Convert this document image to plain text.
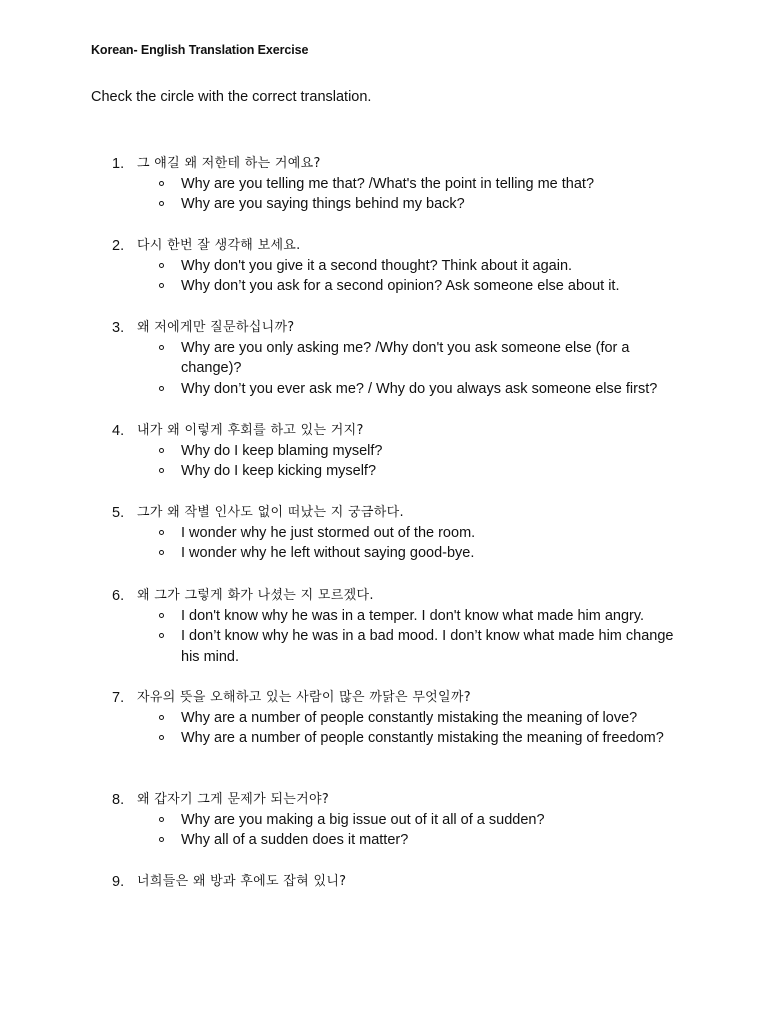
Korean- English Translation Exercise
Check the circle with the correct translation.
1. 그 얘길 왜 저한테 하는 거예요?
Why are you telling me that? /What's the point in telling me that?
Why are you saying things behind my back?
2. 다시 한번 잘 생각해 보세요.
Why don't you give it a second thought? Think about it again.
Why don’t you ask for a second opinion? Ask someone else about it.
3. 왜 저에게만 질문하십니까?
Why are you only asking me? /Why don't you ask someone else (for a change)?
Why don’t you ever ask me? / Why do you always ask someone else first?
4. 내가 왜 이렇게 후회를 하고 있는 거지?
Why do I keep blaming myself?
Why do I keep kicking myself?
5. 그가 왜 작별 인사도 없이 떠났는 지 궁금하다.
I wonder why he just stormed out of the room.
I wonder why he left without saying good-bye.
6. 왜 그가 그렇게 화가 나셨는 지 모르겠다.
I don't know why he was in a temper. I don't know what made him angry.
I don’t know why he was in a bad mood. I don’t know what made him change his mind.
7. 자유의 뜻을 오해하고 있는 사람이 많은 까닭은 무엇일까?
Why are a number of people constantly mistaking the meaning of love?
Why are a number of people constantly mistaking the meaning of freedom?
8. 왜 갑자기 그게 문제가 되는거야?
Why are you making a big issue out of it all of a sudden?
Why all of a sudden does it matter?
9. 너희들은 왜 방과 후에도 잡혀 있니?
